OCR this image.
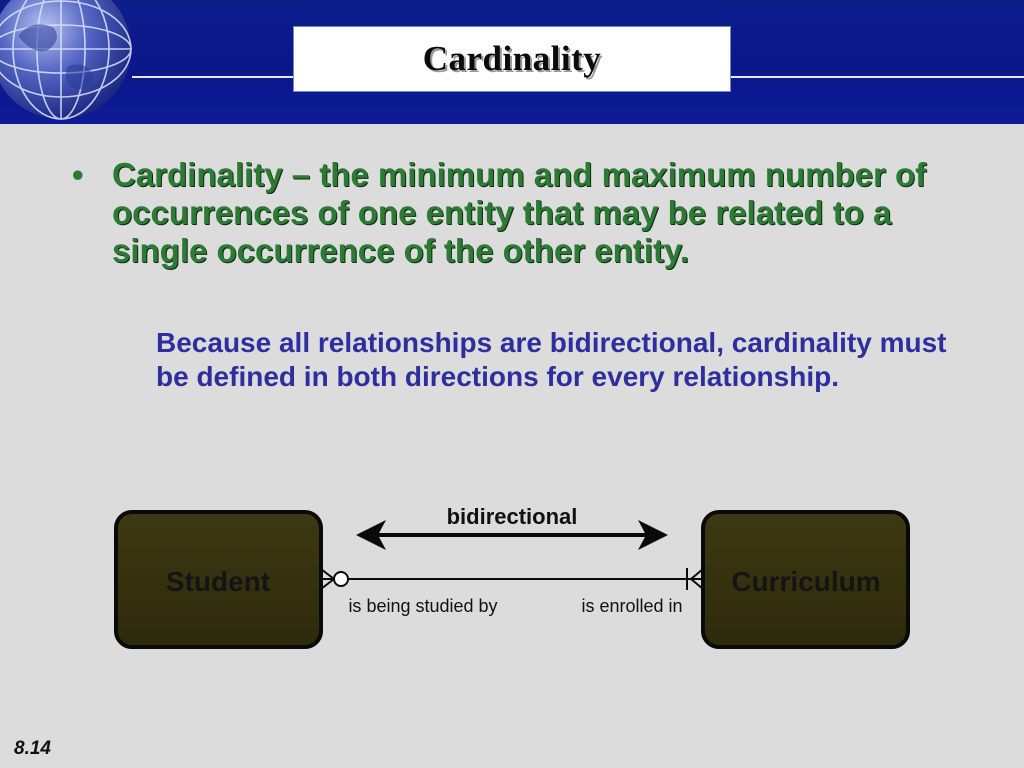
Cardinality
• Cardinality – the minimum and maximum number of occurrences of one entity that may be related to a single occurrence of the other entity.
Because all relationships are bidirectional, cardinality must be defined in both directions for every relationship.
bidirectional
Student	Curriculum
is being studied by	is enrolled in
8.14
